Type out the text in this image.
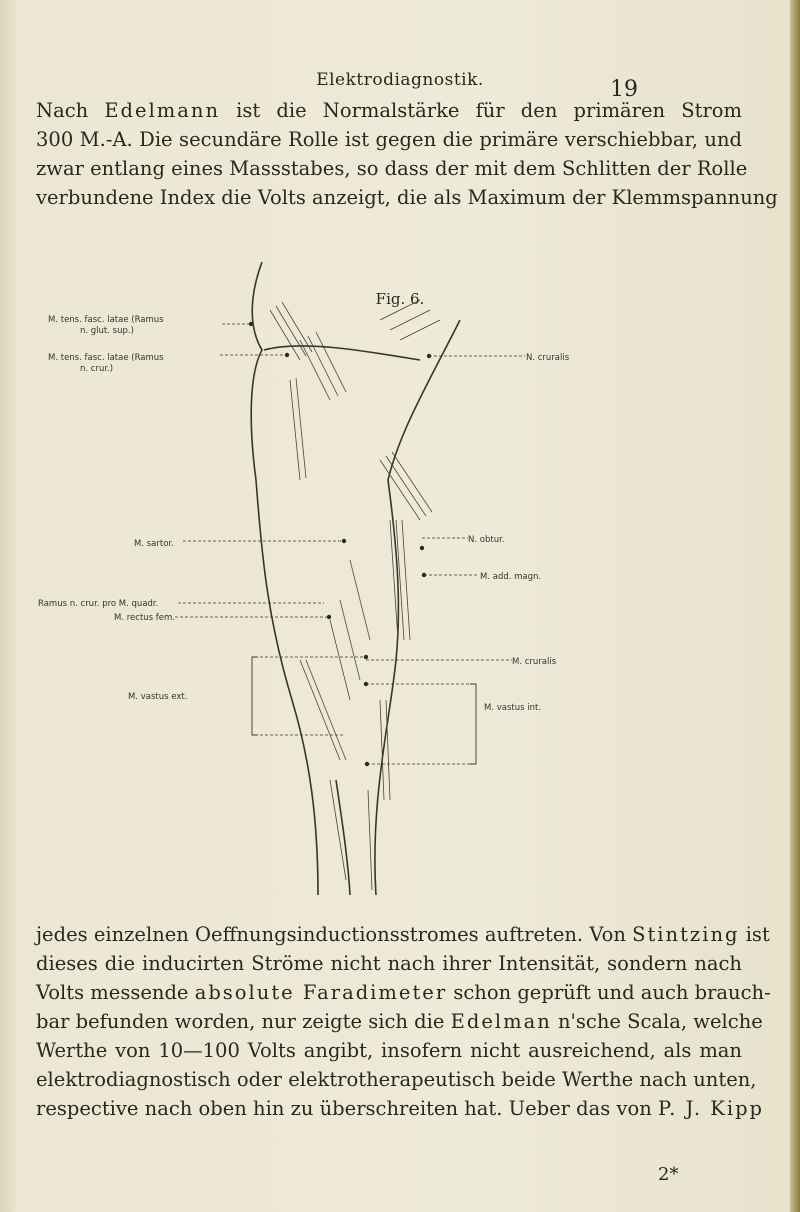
Elektrodiagnostik.	19
Nach Edelmann ist die Normalstärke für den primären Strom
300 M.-A. Die secundäre Rolle ist gegen die primäre verschiebbar, und
zwar entlang eines Massstabes, so dass der mit dem Schlitten der Rolle
verbundene Index die Volts anzeigt, die als Maximum der Klemmspannung
Fig. 6.
M. tens. fasc. latae (Ramus
n. glut. sup.)
M. tens. fasc. latae (Ramus
n. crur.)
M. sartor.
Ramus n. crur. pro M. quadr.
M. rectus fem.
M. vastus ext.
N. cruralis
N. obtur.
M. add. magn.
M. cruralis
M. vastus int.
jedes einzelnen Oeffnungsinductionsstromes auftreten. Von Stintzing ist
dieses die inducirten Ströme nicht nach ihrer Intensität, sondern nach
Volts messende absolute Faradimeter schon geprüft und auch brauch-
bar befunden worden, nur zeigte sich die Edelman n'sche Scala, welche
Werthe von 10—100 Volts angibt, insofern nicht ausreichend, als man
elektrodiagnostisch oder elektrotherapeutisch beide Werthe nach unten,
respective nach oben hin zu überschreiten hat. Ueber das von P. J. Kipp
2*
